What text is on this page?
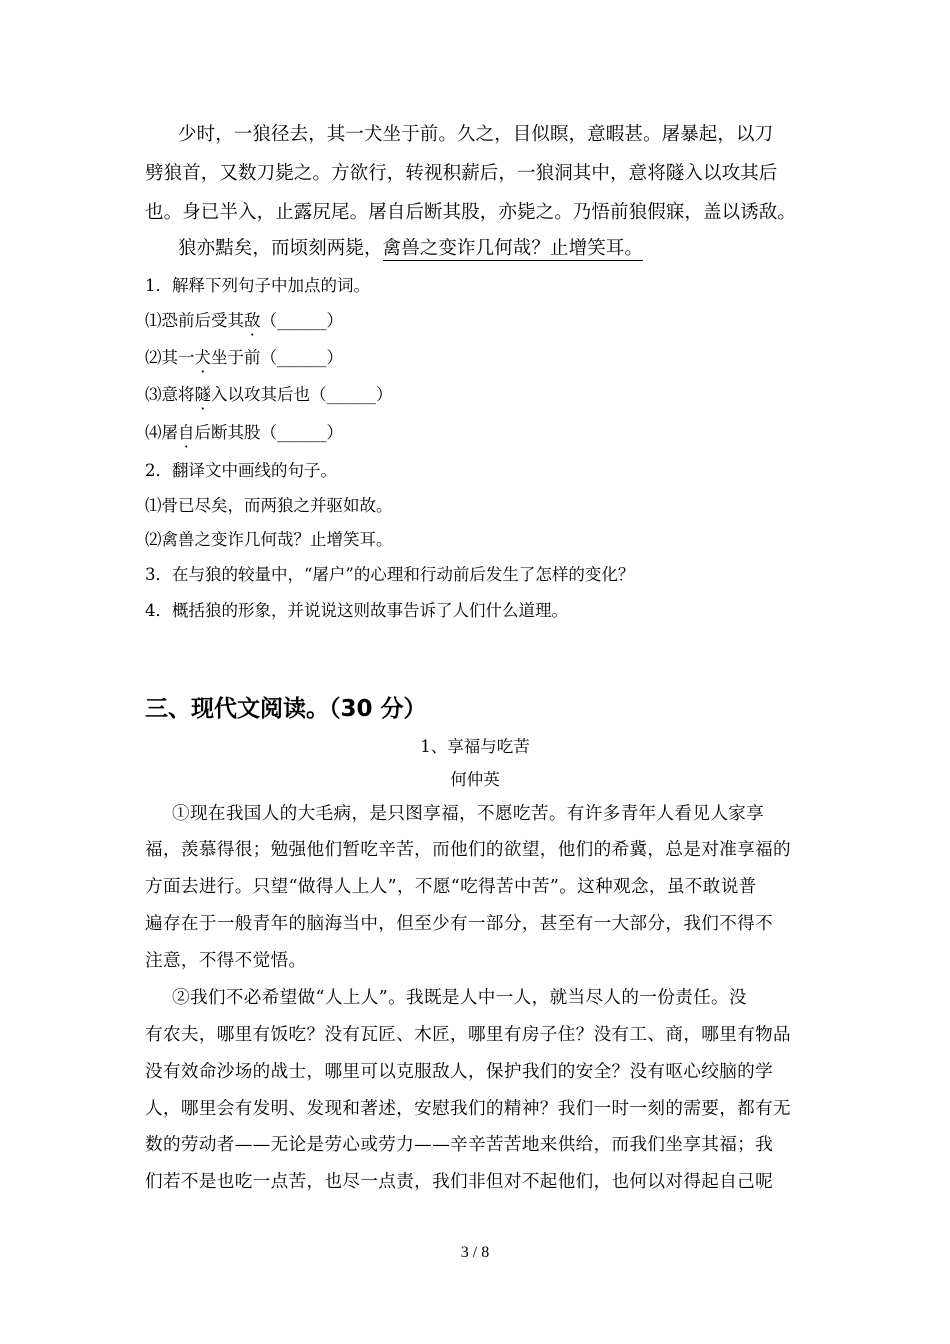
少时，一狼径去，其一犬坐于前。久之，目似瞑，意暇甚。屠暴起，以刀
劈狼首，又数刀毙之。方欲行，转视积薪后，一狼洞其中，意将隧入以攻其后
也。身已半入，止露尻尾。屠自后断其股，亦毙之。乃悟前狼假寐，盖以诱敌。
狼亦黠矣，而顷刻两毙，禽兽之变诈几何哉？止增笑耳。
1．解释下列句子中加点的词。
⑴恐前后受其敌（______）
⑵其一犬坐于前（______）
⑶意将隧入以攻其后也（______）
⑷屠自后断其股（______）
2．翻译文中画线的句子。
⑴骨已尽矣，而两狼之并驱如故。
⑵禽兽之变诈几何哉？止增笑耳。
3．在与狼的较量中，“屠户”的心理和行动前后发生了怎样的变化？
4．概括狼的形象，并说说这则故事告诉了人们什么道理。
三、现代文阅读。（30 分）
1、享福与吃苦
何仲英
①现在我国人的大毛病，是只图享福，不愿吃苦。有许多青年人看见人家享
福，羡慕得很；勉强他们暂吃辛苦，而他们的欲望，他们的希冀，总是对准享福的
方面去进行。只望“做得人上人”，不愿“吃得苦中苦”。这种观念，虽不敢说普
遍存在于一般青年的脑海当中，但至少有一部分，甚至有一大部分，我们不得不
注意，不得不觉悟。
②我们不必希望做“人上人”。我既是人中一人，就当尽人的一份责任。没
有农夫，哪里有饭吃？没有瓦匠、木匠，哪里有房子住？没有工、商，哪里有物品
没有效命沙场的战士，哪里可以克服敌人，保护我们的安全？没有呕心绞脑的学
人，哪里会有发明、发现和著述，安慰我们的精神？我们一时一刻的需要，都有无
数的劳动者——无论是劳心或劳力——辛辛苦苦地来供给，而我们坐享其福；我
们若不是也吃一点苦，也尽一点责，我们非但对不起他们，也何以对得起自己呢
3 / 8
